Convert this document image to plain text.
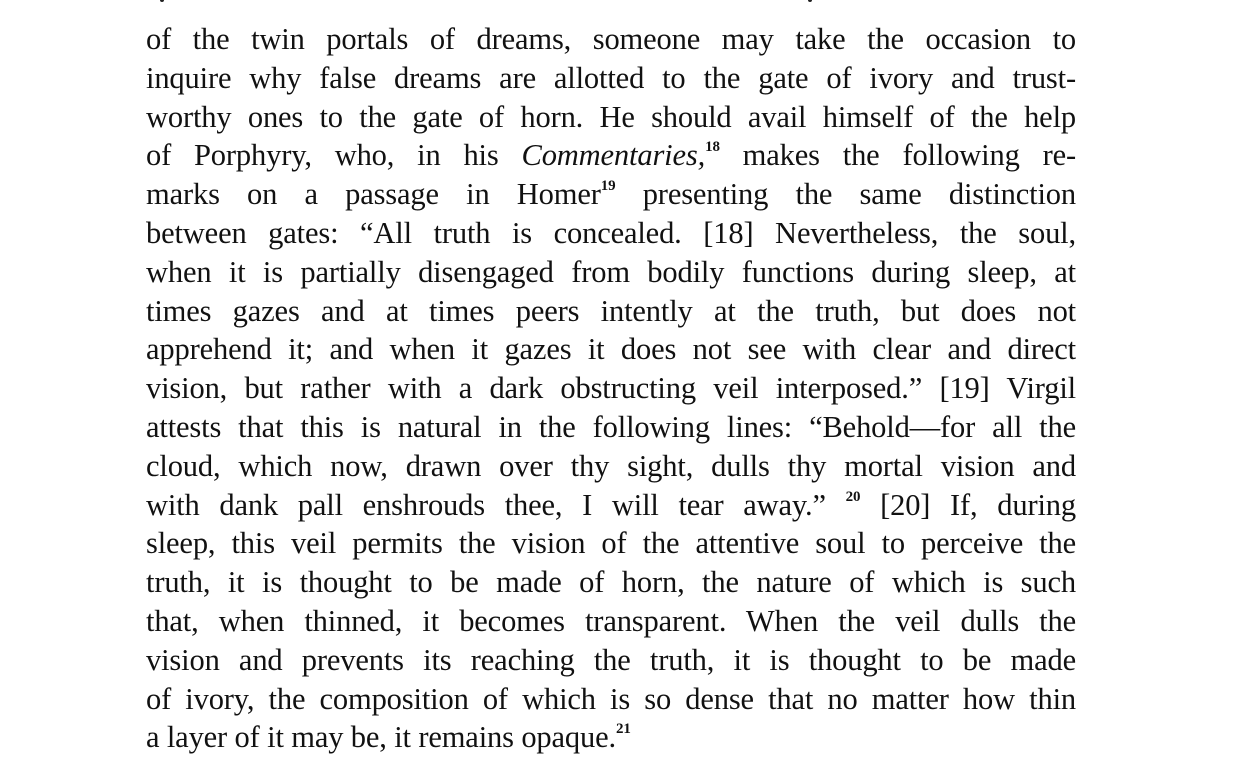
of the twin portals of dreams, someone may take the occasion to
inquire why false dreams are allotted to the gate of ivory and trust-
worthy ones to the gate of horn. He should avail himself of the help
of Porphyry, who, in his Commentaries,$^{18}$ makes the following re-
marks on a passage in Homer$^{19}$ presenting the same distinction
between gates: “All truth is concealed. [18] Nevertheless, the soul,
when it is partially disengaged from bodily functions during sleep, at
times gazes and at times peers intently at the truth, but does not
apprehend it; and when it gazes it does not see with clear and direct
vision, but rather with a dark obstructing veil interposed.” [19] Virgil
attests that this is natural in the following lines: “Behold—for all the
cloud, which now, drawn over thy sight, dulls thy mortal vision and
with dank pall enshrouds thee, I will tear away.” $^{20}$ [20] If, during
sleep, this veil permits the vision of the attentive soul to perceive the
truth, it is thought to be made of horn, the nature of which is such
that, when thinned, it becomes transparent. When the veil dulls the
vision and prevents its reaching the truth, it is thought to be made
of ivory, the composition of which is so dense that no matter how thin
a layer of it may be, it remains opaque.$^{21}$
